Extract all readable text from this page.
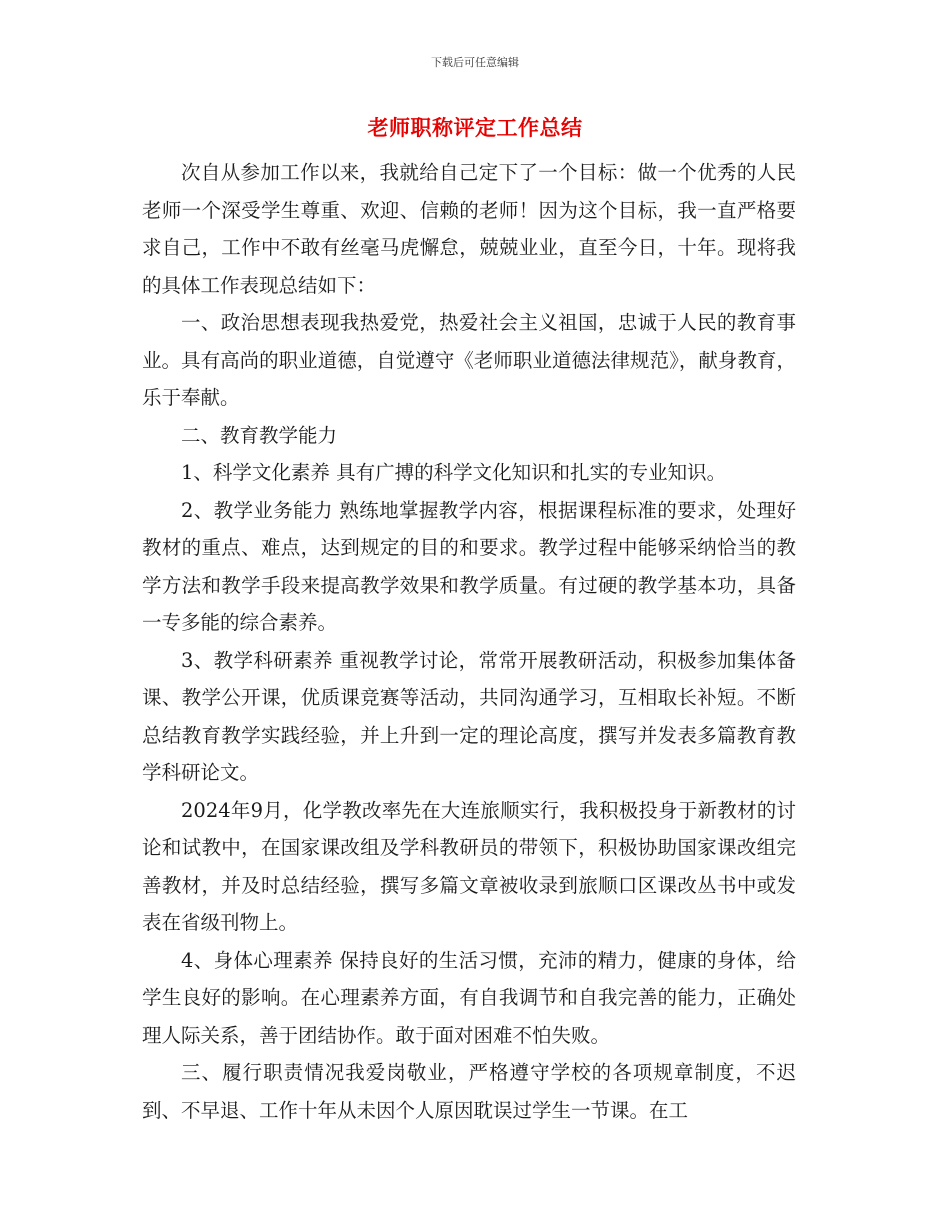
下载后可任意编辑
老师职称评定工作总结

次自从参加工作以来，我就给自己定下了一个目标：做一个优秀的人民老师一个深受学生尊重、欢迎、信赖的老师！因为这个目标，我一直严格要求自己，工作中不敢有丝毫马虎懈怠，兢兢业业，直至今日，十年。现将我的具体工作表现总结如下：

一、政治思想表现我热爱党，热爱社会主义祖国，忠诚于人民的教育事业。具有高尚的职业道德，自觉遵守《老师职业道德法律规范》，献身教育，乐于奉献。

二、教育教学能力

1、科学文化素养 具有广搏的科学文化知识和扎实的专业知识。

2、教学业务能力 熟练地掌握教学内容，根据课程标准的要求，处理好教材的重点、难点，达到规定的目的和要求。教学过程中能够采纳恰当的教学方法和教学手段来提高教学效果和教学质量。有过硬的教学基本功，具备一专多能的综合素养。

3、教学科研素养 重视教学讨论，常常开展教研活动，积极参加集体备课、教学公开课，优质课竞赛等活动，共同沟通学习，互相取长补短。不断总结教育教学实践经验，并上升到一定的理论高度，撰写并发表多篇教育教学科研论文。

2024年9月，化学教改率先在大连旅顺实行，我积极投身于新教材的讨论和试教中，在国家课改组及学科教研员的带领下，积极协助国家课改组完善教材，并及时总结经验，撰写多篇文章被收录到旅顺口区课改丛书中或发表在省级刊物上。

4、身体心理素养 保持良好的生活习惯，充沛的精力，健康的身体，给学生良好的影响。在心理素养方面，有自我调节和自我完善的能力，正确处理人际关系，善于团结协作。敢于面对困难不怕失败。

三、履行职责情况我爱岗敬业，严格遵守学校的各项规章制度，不迟到、不早退、工作十年从未因个人原因耽误过学生一节课。在工
